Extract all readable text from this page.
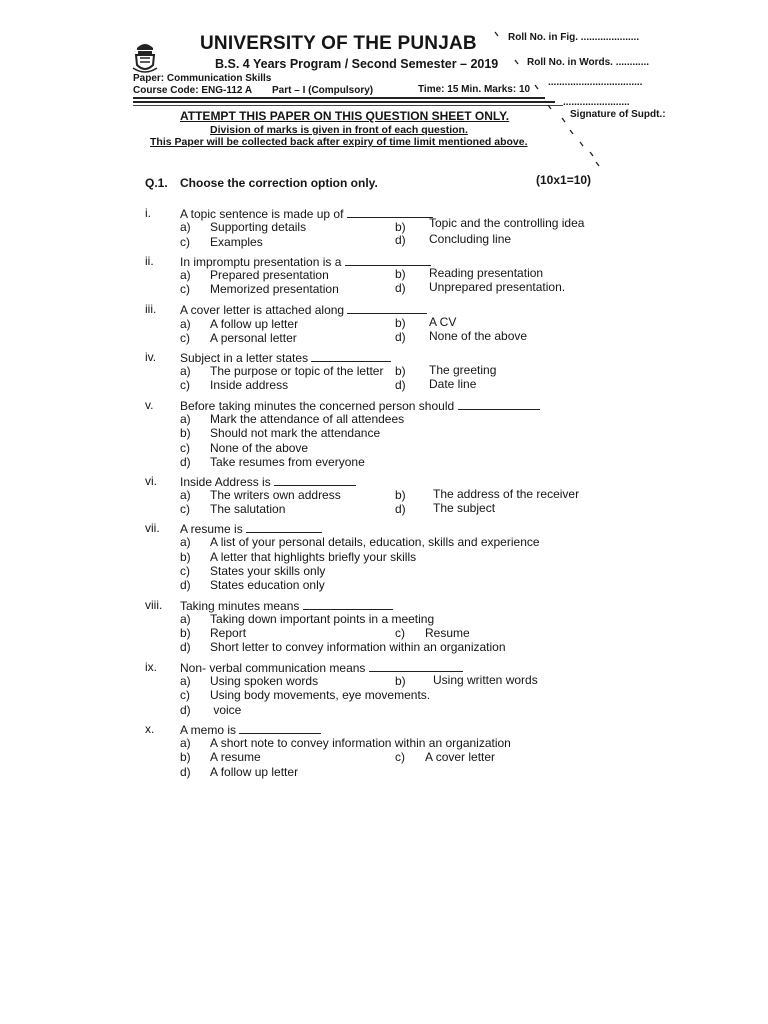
UNIVERSITY OF THE PUNJAB
B.S. 4 Years Program / Second Semester – 2019
Paper: Communication Skills
Course Code: ENG-112 A Part – I (Compulsory)	Time: 15 Min. Marks: 10
Roll No. in Fig. .....................
Roll No. in Words. ............
..................................
........................
Signature of Supdt.:
ATTEMPT THIS PAPER ON THIS QUESTION SHEET ONLY.
Division of marks is given in front of each question.
This Paper will be collected back after expiry of time limit mentioned above.
Q.1. Choose the correction option only.	(10x1=10)
i. A topic sentence is made up of
a) Supporting details	b)	Topic and the controlling idea
c) Examples	d)	Concluding line
ii. In impromptu presentation is a
a) Prepared presentation	b)	Reading presentation
c) Memorized presentation	d)	Unprepared presentation.
iii. A cover letter is attached along
a) A follow up letter	b)	A CV
c) A personal letter	d)	None of the above
iv. Subject in a letter states
a) The purpose or topic of the letter b)	The greeting
c) Inside address	d)	Date line
v. Before taking minutes the concerned person should
a) Mark the attendance of all attendees
b) Should not mark the attendance
c) None of the above
d) Take resumes from everyone
vi. Inside Address is
a) The writers own address	b)	The address of the receiver
c) The salutation	d)	The subject
vii. A resume is
a) A list of your personal details, education, skills and experience
b) A letter that highlights briefly your skills
c) States your skills only
d) States education only
viii. Taking minutes means
a) Taking down important points in a meeting
b) Report	c) Resume
d) Short letter to convey information within an organization
ix. Non- verbal communication means
a) Using spoken words	b)	Using written words
c) Using body movements, eye movements.
d) voice
x. A memo is
a) A short note to convey information within an organization
b) A resume	c) A cover letter
d) A follow up letter
